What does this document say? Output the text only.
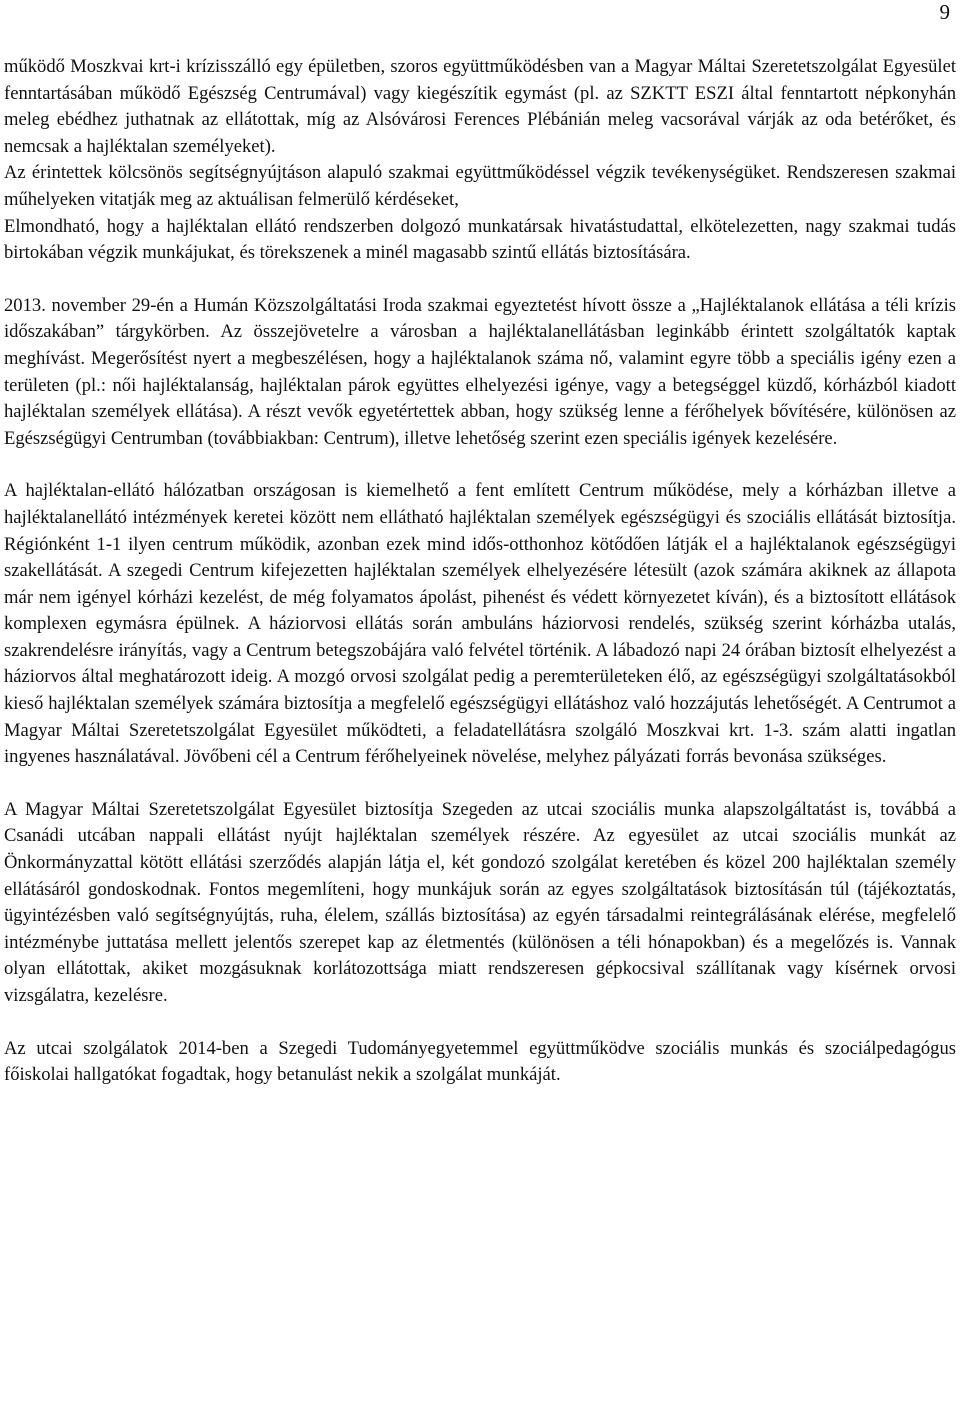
9

működő Moszkvai krt-i krízisszálló egy épületben, szoros együttműködésben van a Magyar Máltai Szeretetszolgálat Egyesület fenntartásában működő Egészség Centrumával) vagy kiegészítik egymást (pl. az SZKTT ESZI által fenntartott népkonyhán meleg ebédhez juthatnak az ellátottak, míg az Alsóvárosi Ferences Plébánián meleg vacsorával várják az oda betérőket, és nemcsak a hajléktalan személyeket).

Az érintettek kölcsönös segítségnyújtáson alapuló szakmai együttműködéssel végzik tevékenységüket. Rendszeresen szakmai műhelyeken vitatják meg az aktuálisan felmerülő kérdéseket,

Elmondható, hogy a hajléktalan ellátó rendszerben dolgozó munkatársak hivatástudattal, elkötelezetten, nagy szakmai tudás birtokában végzik munkájukat, és törekszenek a minél magasabb szintű ellátás biztosítására.

2013. november 29-én a Humán Közszolgáltatási Iroda szakmai egyeztetést hívott össze a „Hajléktalanok ellátása a téli krízis időszakában” tárgykörben. Az összejövetelre a városban a hajléktalanellátásban leginkább érintett szolgáltatók kaptak meghívást. Megerősítést nyert a megbeszélésen, hogy a hajléktalanok száma nő, valamint egyre több a speciális igény ezen a területen (pl.: női hajléktalanság, hajléktalan párok együttes elhelyezési igénye, vagy a betegséggel küzdő, kórházból kiadott hajléktalan személyek ellátása). A részt vevők egyetértettek abban, hogy szükség lenne a férőhelyek bővítésére, különösen az Egészségügyi Centrumban (továbbiakban: Centrum), illetve lehetőség szerint ezen speciális igények kezelésére.

A hajléktalan-ellátó hálózatban országosan is kiemelhető a fent említett Centrum működése, mely a kórházban illetve a hajléktalanellátó intézmények keretei között nem ellátható hajléktalan személyek egészségügyi és szociális ellátását biztosítja. Régiónként 1-1 ilyen centrum működik, azonban ezek mind idős-otthonhoz kötődően látják el a hajléktalanok egészségügyi szakellátását. A szegedi Centrum kifejezetten hajléktalan személyek elhelyezésére létesült (azok számára akiknek az állapota már nem igényel kórházi kezelést, de még folyamatos ápolást, pihenést és védett környezetet kíván), és a biztosított ellátások komplexen egymásra épülnek. A háziorvosi ellátás során ambuláns háziorvosi rendelés, szükség szerint kórházba utalás, szakrendelésre irányítás, vagy a Centrum betegszobájára való felvétel történik. A lábadozó napi 24 órában biztosít elhelyezést a háziorvos által meghatározott ideig. A mozgó orvosi szolgálat pedig a peremterületeken élő, az egészségügyi szolgáltatásokból kieső hajléktalan személyek számára biztosítja a megfelelő egészségügyi ellátáshoz való hozzájutás lehetőségét. A Centrumot a Magyar Máltai Szeretetszolgálat Egyesület működteti, a feladatellátásra szolgáló Moszkvai krt. 1-3. szám alatti ingatlan ingyenes használatával. Jövőbeni cél a Centrum férőhelyeinek növelése, melyhez pályázati forrás bevonása szükséges.

A Magyar Máltai Szeretetszolgálat Egyesület biztosítja Szegeden az utcai szociális munka alapszolgáltatást is, továbbá a Csanádi utcában nappali ellátást nyújt hajléktalan személyek részére. Az egyesület az utcai szociális munkát az Önkormányzattal kötött ellátási szerződés alapján látja el, két gondozó szolgálat keretében és közel 200 hajléktalan személy ellátásáról gondoskodnak. Fontos megemlíteni, hogy munkájuk során az egyes szolgáltatások biztosításán túl (tájékoztatás, ügyintézésben való segítségnyújtás, ruha, élelem, szállás biztosítása) az egyén társadalmi reintegrálásának elérése, megfelelő intézménybe juttatása mellett jelentős szerepet kap az életmentés (különösen a téli hónapokban) és a megelőzés is. Vannak olyan ellátottak, akiket mozgásuknak korlátozottsága miatt rendszeresen gépkocsival szállítanak vagy kísérnek orvosi vizsgálatra, kezelésre.

Az utcai szolgálatok 2014-ben a Szegedi Tudományegyetemmel együttműködve szociális munkás és szociálpedagógus főiskolai hallgatókat fogadtak, hogy betanulást nekik a szolgálat munkáját.
